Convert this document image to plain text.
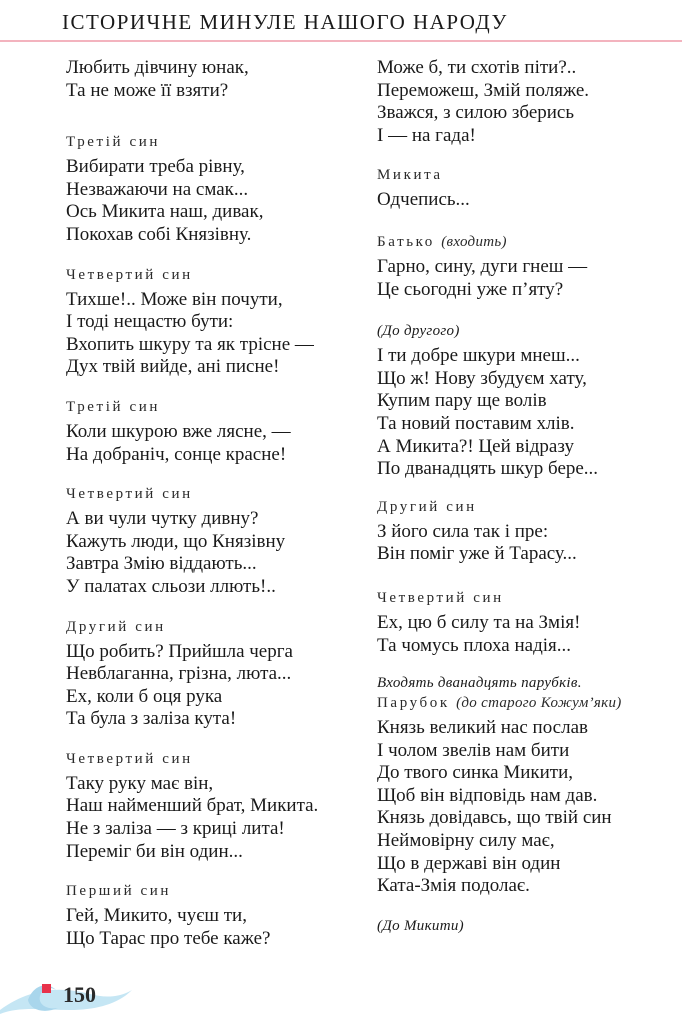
ІСТОРИЧНЕ МИНУЛЕ НАШОГО НАРОДУ
Любить дівчину юнак,
Та не може її взяти?
Третій син
Вибирати треба рівну,
Незважаючи на смак...
Ось Микита наш, дивак,
Покохав собі Князівну.
Четвертий син
Тихше!.. Може він почути,
І тоді нещастю бути:
Вхопить шкуру та як трісне —
Дух твій вийде, ані писне!
Третій син
Коли шкурою вже ляснe, —
На добраніч, сонце красне!
Четвертий син
А ви чули чутку дивну?
Кажуть люди, що Князівну
Завтра Змію віддають...
У палатах сльози ллють!..
Другий син
Що робить? Прийшла черга
Невблаганна, грізна, люта...
Ех, коли б оця рука
Та була з заліза кута!
Четвертий син
Таку руку має він,
Наш найменший брат, Микита.
Не з заліза — з криці лита!
Переміг би він один...
Перший син
Гей, Микито, чуєш ти,
Що Тарас про тебе каже?
Може б, ти схотів піти?..
Переможеш, Змій поляже.
Зважся, з силою зберись
І — на гада!
Микита
Одчепись...
Батько (входить)
Гарно, сину, дуги гнеш —
Це сьогодні уже п’яту?
(До другого)
І ти добре шкури мнеш...
Що ж! Нову збудуєм хату,
Купим пару ще волів
Та новий поставим хлів.
А Микита?! Цей відразу
По дванадцять шкур бере...
Другий син
З його сила так і пре:
Він поміг уже й Тарасу...
Четвертий син
Ех, цю б силу та на Змія!
Та чомусь плоха надія...
Входять дванадцять парубків.
Парубок (до старого Кожум’яки)
Князь великий нас послав
І чолом звелів нам бити
До твого синка Микити,
Щоб він відповідь нам дав.
Князь довідавсь, що твій син
Неймовірну силу має,
Що в державі він один
Ката-Змія подолає.
(До Микити)
150
